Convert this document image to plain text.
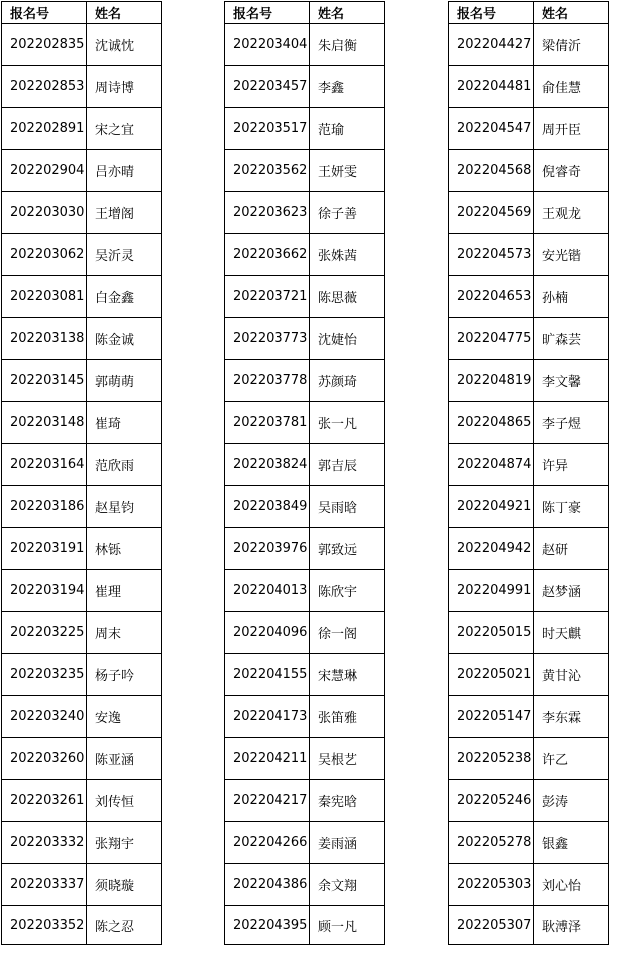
报名号	姓名
202202835	沈诚忱
202202853	周诗博
202202891	宋之宜
202202904	吕亦晴
202203030	王增阁
202203062	吴沂灵
202203081	白金鑫
202203138	陈金诚
202203145	郭萌萌
202203148	崔琦
202203164	范欣雨
202203186	赵星钧
202203191	林铄
202203194	崔理
202203225	周末
202203235	杨子吟
202203240	安逸
202203260	陈亚涵
202203261	刘传恒
202203332	张翔宇
202203337	须晓璇
202203352	陈之忍
报名号	姓名
202203404	朱启衡
202203457	李鑫
202203517	范瑜
202203562	王妍雯
202203623	徐子善
202203662	张姝茜
202203721	陈思薇
202203773	沈婕怡
202203778	苏颜琦
202203781	张一凡
202203824	郭吉辰
202203849	吴雨晗
202203976	郭致远
202204013	陈欣宇
202204096	徐一阁
202204155	宋慧琳
202204173	张笛雅
202204211	吴根艺
202204217	秦宪晗
202204266	姜雨涵
202204386	余文翔
202204395	顾一凡
报名号	姓名
202204427	梁倩沂
202204481	俞佳慧
202204547	周开臣
202204568	倪睿奇
202204569	王观龙
202204573	安光锴
202204653	孙楠
202204775	旷森芸
202204819	李文馨
202204865	李子煜
202204874	许异
202204921	陈丁豪
202204942	赵研
202204991	赵梦涵
202205015	时天麒
202205021	黄甘沁
202205147	李东霖
202205238	许乙
202205246	彭涛
202205278	银鑫
202205303	刘心怡
202205307	耿溥泽
